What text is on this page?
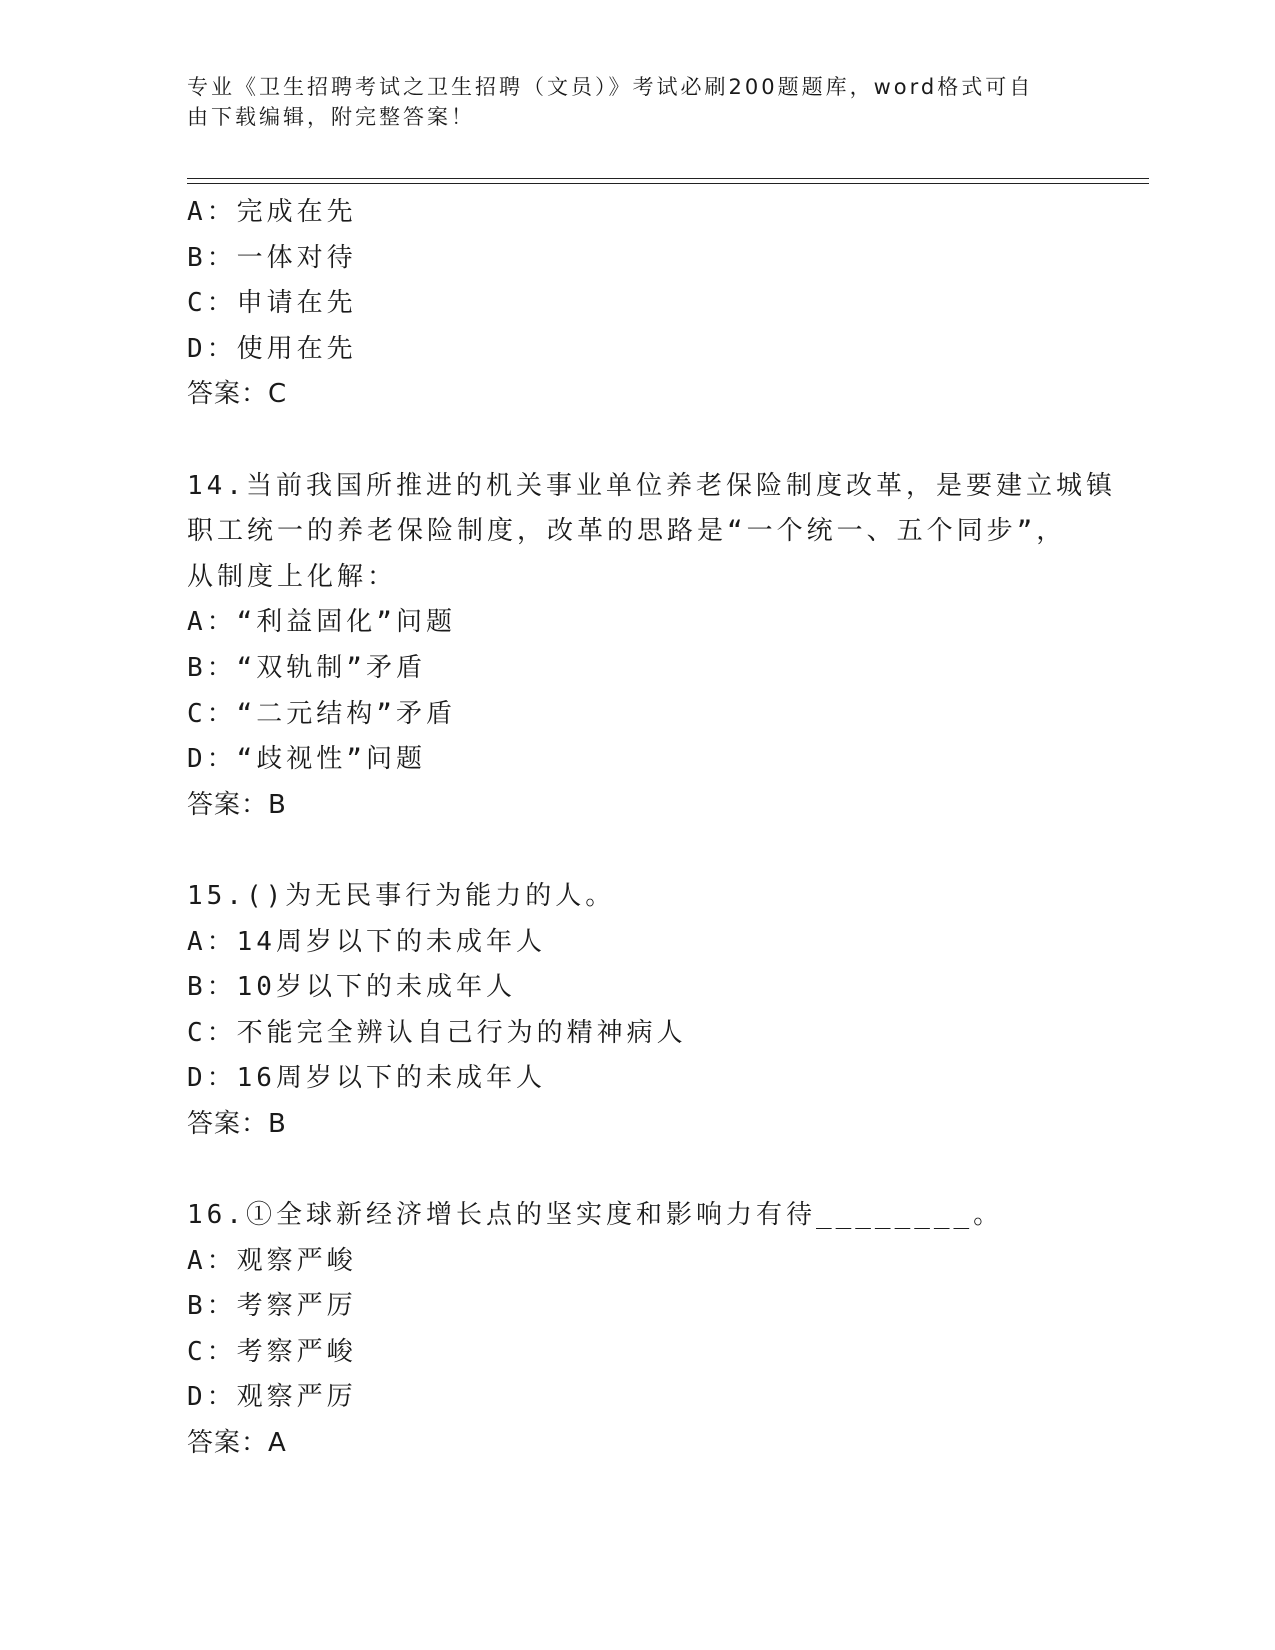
专业《卫生招聘考试之卫生招聘（文员）》考试必刷200题题库，word格式可自
由下载编辑，附完整答案！
A：完成在先
B：一体对待
C：申请在先
D：使用在先
答案：C
14.当前我国所推进的机关事业单位养老保险制度改革，是要建立城镇
职工统一的养老保险制度，改革的思路是“一个统一、五个同步”，
从制度上化解：
A：“利益固化”问题
B：“双轨制”矛盾
C：“二元结构”矛盾
D：“歧视性”问题
答案：B
15.()为无民事行为能力的人。
A：14周岁以下的未成年人
B：10岁以下的未成年人
C：不能完全辨认自己行为的精神病人
D：16周岁以下的未成年人
答案：B
16.①全球新经济增长点的坚实度和影响力有待________。
A：观察严峻
B：考察严厉
C：考察严峻
D：观察严厉
答案：A
